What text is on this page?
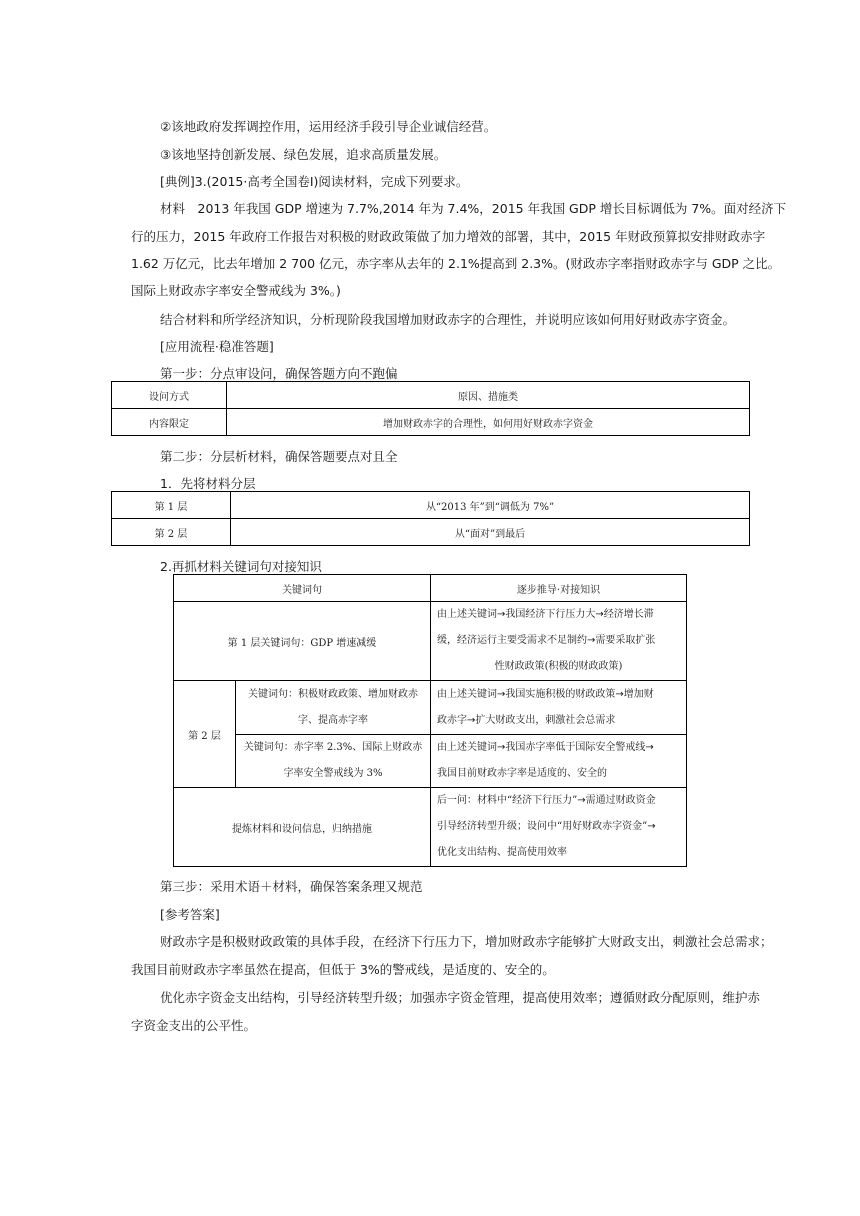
②该地政府发挥调控作用，运用经济手段引导企业诚信经营。
③该地坚持创新发展、绿色发展，追求高质量发展。
[典例]3.(2015·高考全国卷Ⅰ)阅读材料，完成下列要求。
材料　2013 年我国 GDP 增速为 7.7%,2014 年为 7.4%，2015 年我国 GDP 增长目标调低为 7%。面对经济下
行的压力，2015 年政府工作报告对积极的财政政策做了加力增效的部署，其中，2015 年财政预算拟安排财政赤字
1.62 万亿元，比去年增加 2 700 亿元，赤字率从去年的 2.1%提高到 2.3%。(财政赤字率指财政赤字与 GDP 之比。
国际上财政赤字率安全警戒线为 3%。)
结合材料和所学经济知识，分析现阶段我国增加财政赤字的合理性，并说明应该如何用好财政赤字资金。
[应用流程·稳准答题]
第一步：分点审设问，确保答题方向不跑偏
设问方式	原因、措施类
内容限定	增加财政赤字的合理性，如何用好财政赤字资金
第二步：分层析材料，确保答题要点对且全
1．先将材料分层
第 1 层	从“2013 年”到“调低为 7%”
第 2 层	从“面对”到最后
2.再抓材料关键词句对接知识
关键词句		逐步推导·对接知识
第 1 层关键词句：GDP 增速减缓		由上述关键词→我国经济下行压力大→经济增长滞
缓，经济运行主要受需求不足制约→需要采取扩张

性财政政策(积极的财政政策)

第 2 层	关键词句：积极财政政策、增加财政赤
字、提高赤字率	由上述关键词→我国实施积极的财政政策→增加财
政赤字→扩大财政支出，刺激社会总需求
	关键词句：赤字率 2.3%、国际上财政赤
字率安全警戒线为 3%	由上述关键词→我国赤字率低于国际安全警戒线→
我国目前财政赤字率是适度的、安全的
提炼材料和设问信息，归纳措施		后一问：材料中“经济下行压力”→需通过财政资金
引导经济转型升级；设问中“用好财政赤字资金”→
优化支出结构、提高使用效率
第三步：采用术语＋材料，确保答案条理又规范
[参考答案]
财政赤字是积极财政政策的具体手段，在经济下行压力下，增加财政赤字能够扩大财政支出，刺激社会总需求；
我国目前财政赤字率虽然在提高，但低于 3%的警戒线，是适度的、安全的。
优化赤字资金支出结构，引导经济转型升级；加强赤字资金管理，提高使用效率；遵循财政分配原则，维护赤
字资金支出的公平性。
